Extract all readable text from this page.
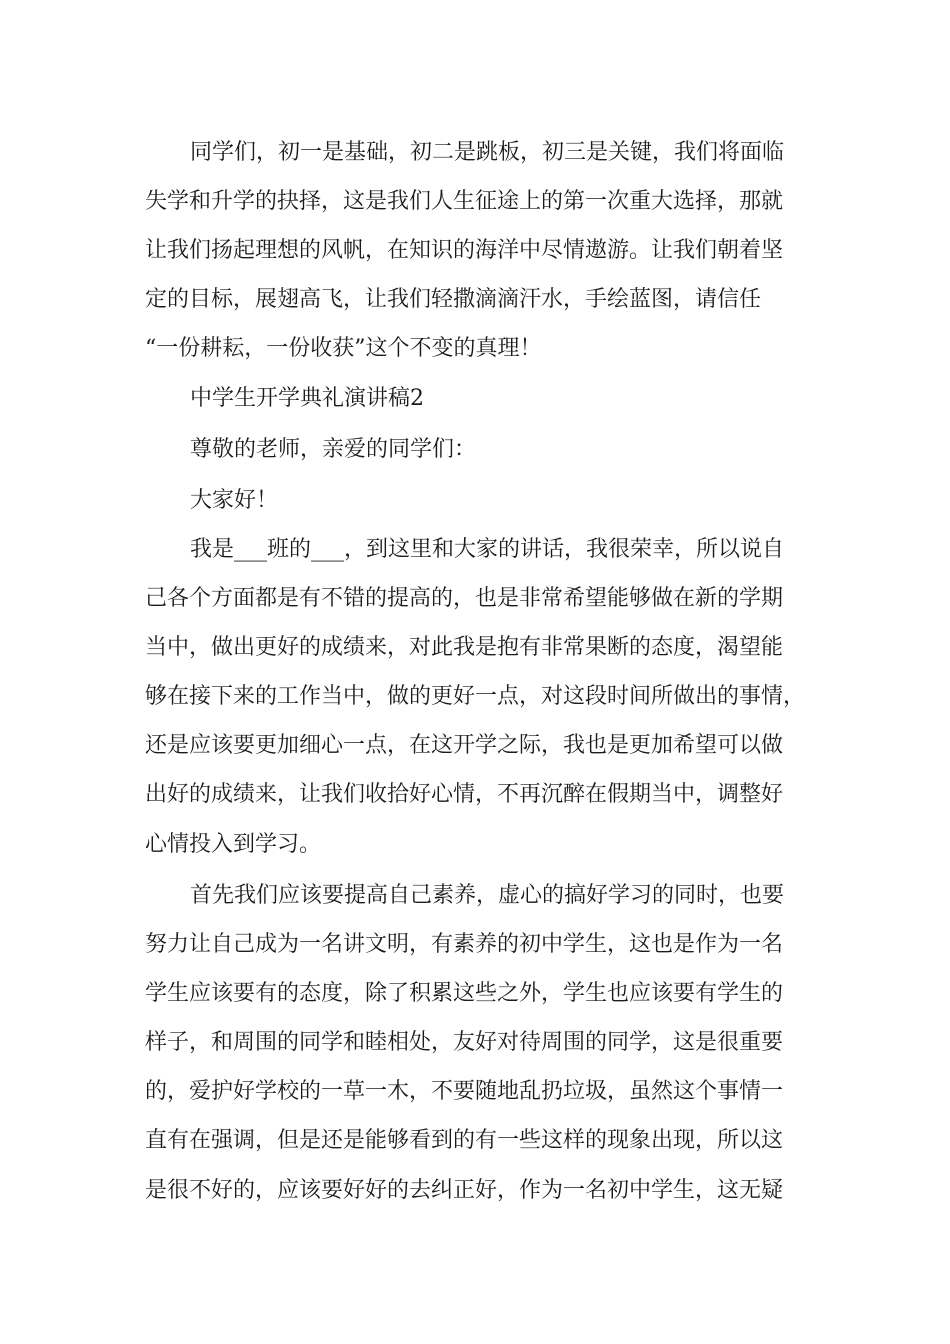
同学们，初一是基础，初二是跳板，初三是关键，我们将面临
失学和升学的抉择，这是我们人生征途上的第一次重大选择，那就
让我们扬起理想的风帆，在知识的海洋中尽情遨游。让我们朝着坚
定的目标，展翅高飞，让我们轻撒滴滴汗水，手绘蓝图，请信任
“一份耕耘，一份收获”这个不变的真理！
中学生开学典礼演讲稿2
尊敬的老师，亲爱的同学们：
大家好！
我是___班的___，到这里和大家的讲话，我很荣幸，所以说自
己各个方面都是有不错的提高的，也是非常希望能够做在新的学期
当中，做出更好的成绩来，对此我是抱有非常果断的态度，渴望能
够在接下来的工作当中，做的更好一点，对这段时间所做出的事情，
还是应该要更加细心一点，在这开学之际，我也是更加希望可以做
出好的成绩来，让我们收拾好心情，不再沉醉在假期当中，调整好
心情投入到学习。
首先我们应该要提高自己素养，虚心的搞好学习的同时，也要
努力让自己成为一名讲文明，有素养的初中学生，这也是作为一名
学生应该要有的态度，除了积累这些之外，学生也应该要有学生的
样子，和周围的同学和睦相处，友好对待周围的同学，这是很重要
的，爱护好学校的一草一木，不要随地乱扔垃圾，虽然这个事情一
直有在强调，但是还是能够看到的有一些这样的现象出现，所以这
是很不好的，应该要好好的去纠正好，作为一名初中学生，这无疑
